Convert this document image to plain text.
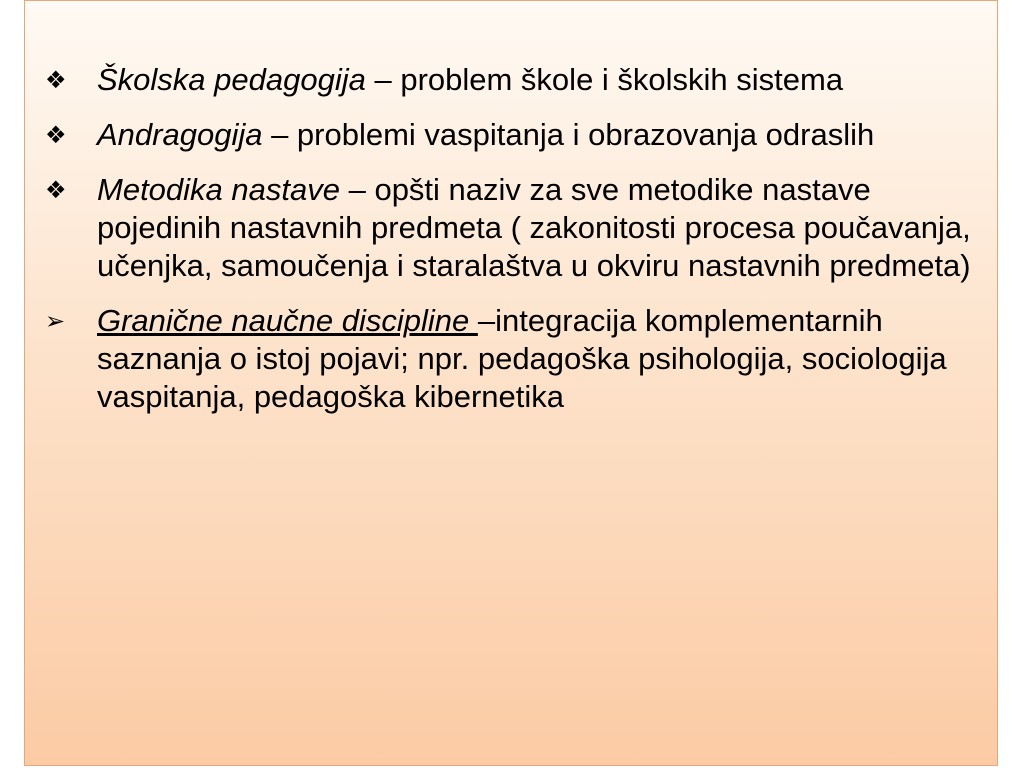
❖ Školska pedagogija – problem škole i školskih sistema
❖ Andragogija – problemi vaspitanja i obrazovanja odraslih
❖ Metodika nastave – opšti naziv za sve metodike nastave pojedinih nastavnih predmeta ( zakonitosti procesa poučavanja, učenjka, samoučenja i staralaštva u okviru nastavnih predmeta)
➢	Granične naučne discipline –integracija komplementarnih saznanja o istoj pojavi; npr. pedagoška psihologija, sociologija vaspitanja, pedagoška kibernetika
